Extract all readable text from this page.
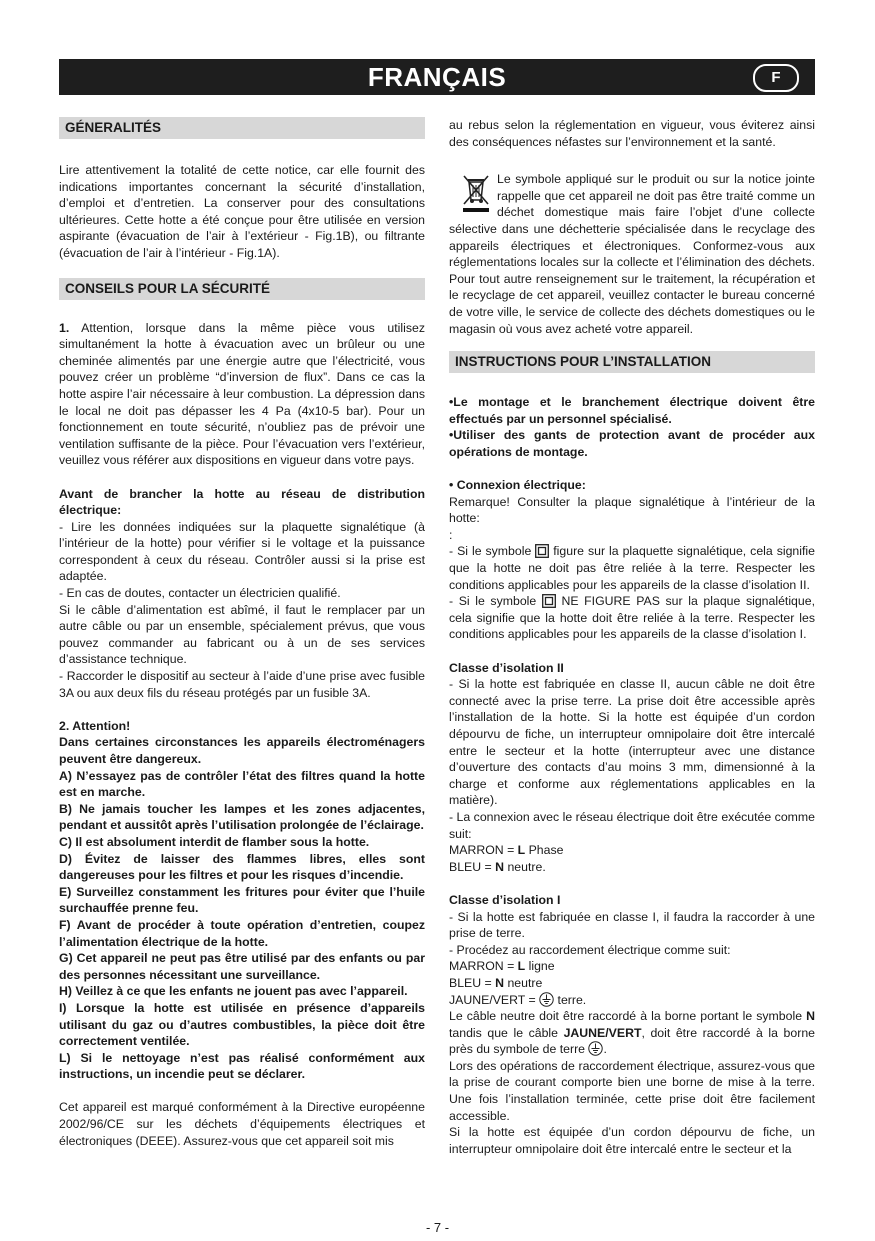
FRANÇAIS	F
GÉNERALITÉS

Lire attentivement la totalité de cette notice, car elle fournit des indications importantes concernant la sécurité d’installation, d’emploi et d’entretien. La conserver pour des consultations ultérieures. Cette hotte a été conçue pour être utilisée en version aspirante (évacuation de l’air à l’extérieur - Fig.1B), ou filtrante (évacuation de l’air à l’intérieur - Fig.1A).

CONSEILS POUR LA SÉCURITÉ

1. Attention, lorsque dans la même pièce vous utilisez simultanément la hotte à évacuation avec un brûleur ou une cheminée alimentés par une énergie autre que l’électricité, vous pouvez créer un problème “d’inversion de flux”. Dans ce cas la hotte aspire l’air nécessaire à leur combustion. La dépression dans le local ne doit pas dépasser les 4 Pa (4x10-5 bar). Pour un fonctionnement en toute sécurité, n’oubliez pas de prévoir une ventilation suffisante de la pièce. Pour l’évacuation vers l’extérieur, veuillez vous référer aux dispositions en vigueur dans votre pays.

Avant de brancher la hotte au réseau de distribution électrique:

- Lire les données indiquées sur la plaquette signalétique (à l’intérieur de la hotte) pour vérifier si le voltage et la puissance correspondent à ceux du réseau. Contrôler aussi si la prise est adaptée.

- En cas de doutes, contacter un électricien qualifié.

Si le câble d’alimentation est abîmé, il faut le remplacer par un autre câble ou par un ensemble, spécialement prévus, que vous pouvez commander au fabricant ou à un de ses services d’assistance technique.

- Raccorder le dispositif au secteur à l’aide d’une prise avec fusible 3A ou aux deux fils du réseau protégés par un fusible 3A.

2. Attention!

Dans certaines circonstances les appareils électroménagers peuvent être dangereux.

A) N’essayez pas de contrôler l’état des filtres quand la hotte est en marche.

B) Ne jamais toucher les lampes et les zones adjacentes, pendant et aussitôt après l’utilisation prolongée de l’éclairage.

C) Il est absolument interdit de flamber sous la hotte.

D) Évitez de laisser des flammes libres, elles sont dangereuses pour les filtres et pour les risques d’incendie.

E) Surveillez constamment les fritures pour éviter que l’huile surchauffée prenne feu.

F) Avant de procéder à toute opération d’entretien, coupez l’alimentation électrique de la hotte.

G) Cet appareil ne peut pas être utilisé par des enfants ou par des personnes nécessitant une surveillance.

H) Veillez à ce que les enfants ne jouent pas avec l’appareil.

I) Lorsque la hotte est utilisée en présence d’appareils utilisant du gaz ou d’autres combustibles, la pièce doit être correctement ventilée.

L) Si le nettoyage n’est pas réalisé conformément aux instructions, un incendie peut se déclarer.

Cet appareil est marqué conformément à la Directive européenne 2002/96/CE sur les déchets d’équipements électriques et électroniques (DEEE). Assurez-vous que cet appareil soit mis

au rebus selon la réglementation en vigueur, vous éviterez ainsi des conséquences néfastes sur l’environnement et la santé.

Le symbole appliqué sur le produit ou sur la notice jointe rappelle que cet appareil ne doit pas être traité comme un déchet domestique mais faire l’objet d’une collecte sélective dans une déchetterie spécialisée dans le recyclage des appareils électriques et électroniques. Conformez-vous aux réglementations locales sur la collecte et l’élimination des déchets. Pour tout autre renseignement sur le traitement, la récupération et le recyclage de cet appareil, veuillez contacter le bureau concerné de votre ville, le service de collecte des déchets domestiques ou le magasin où vous avez acheté votre appareil.

INSTRUCTIONS POUR L’INSTALLATION

•Le montage et le branchement électrique doivent être effectués par un personnel spécialisé.

•Utiliser des gants de protection avant de procéder aux opérations de montage.

• Connexion électrique:

Remarque! Consulter la plaque signalétique à l’intérieur de la hotte:

:

- Si le symbole  figure sur la plaquette signalétique, cela signifie que la hotte ne doit pas être reliée à la terre. Respecter les conditions applicables pour les appareils de la classe d’isolation II.

- Si le symbole  NE FIGURE PAS sur la plaque signalétique, cela signifie que la hotte doit être reliée à la terre. Respecter les conditions applicables pour les appareils de la classe d’isolation I.

Classe d’isolation II

- Si la hotte est fabriquée en classe II, aucun câble ne doit être connecté avec la prise terre. La prise doit être accessible après l’installation de la hotte. Si la hotte est équipée d’un cordon dépourvu de fiche, un interrupteur omnipolaire doit être intercalé entre le secteur et la hotte (interrupteur avec une distance d’ouverture des contacts d’au moins 3 mm, dimensionné à la charge et conforme aux réglementations applicables en la matière).

- La connexion avec le réseau électrique doit être exécutée comme suit:

MARRON = L Phase

BLEU = N neutre.

Classe d’isolation I

- Si la hotte est fabriquée en classe I, il faudra la raccorder à une prise de terre.

- Procédez au raccordement électrique comme suit:

MARRON = L ligne

BLEU = N neutre

JAUNE/VERT =  terre.

Le câble neutre doit être raccordé à la borne portant le symbole N tandis que le câble JAUNE/VERT, doit être raccordé à la borne près du symbole de terre .

Lors des opérations de raccordement électrique, assurez-vous que la prise de courant comporte bien une borne de mise à la terre. Une fois l’installation terminée, cette prise doit être facilement accessible.

Si la hotte est équipée d’un cordon dépourvu de fiche, un interrupteur omnipolaire doit être intercalé entre le secteur et la

- 7 -
